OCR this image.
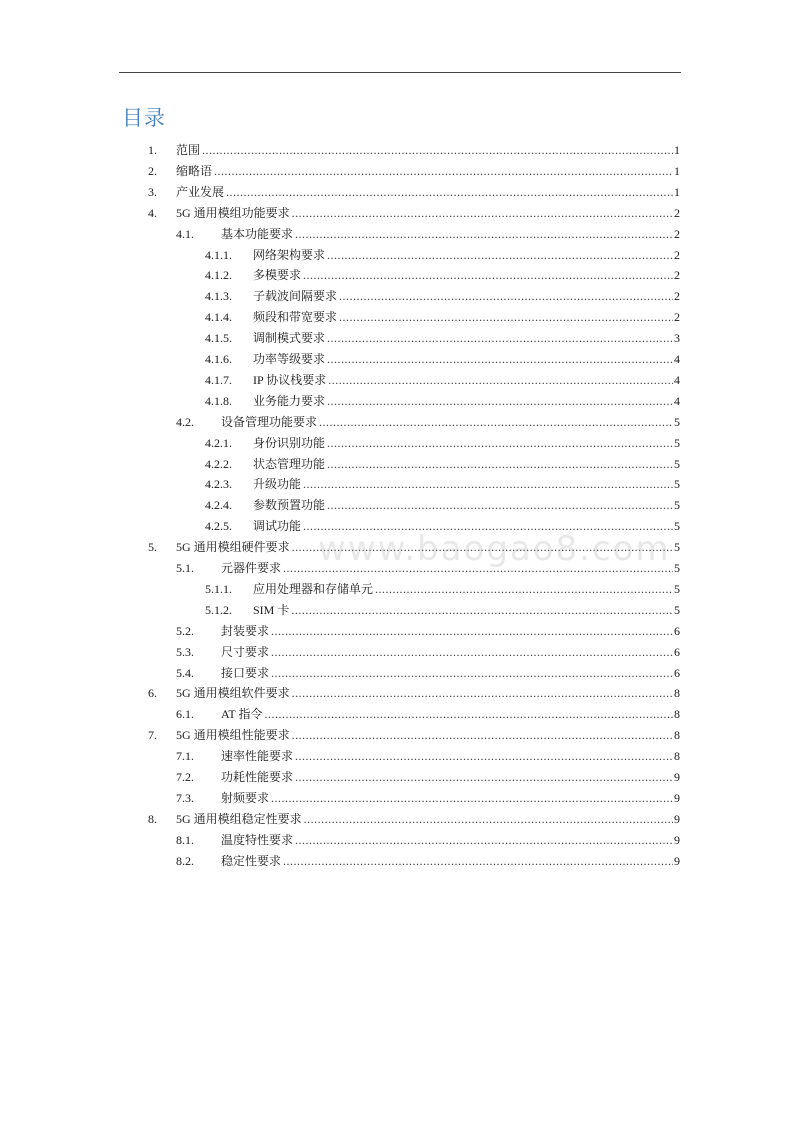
目录
1. 范围 .....	1
2. 缩略语 .....	1
3. 产业发展 .....	1
4. 5G 通用模组功能要求 .....	2
4.1. 基本功能要求 .....	2
4.1.1. 网络架构要求 .....	2
4.1.2. 多模要求 .....	2
4.1.3. 子载波间隔要求 .....	2
4.1.4. 频段和带宽要求 .....	2
4.1.5. 调制模式要求 .....	3
4.1.6. 功率等级要求 .....	4
4.1.7. IP 协议栈要求 .....	4
4.1.8. 业务能力要求 .....	4
4.2. 设备管理功能要求 .....	5
4.2.1. 身份识别功能 .....	5
4.2.2. 状态管理功能 .....	5
4.2.3. 升级功能 .....	5
4.2.4. 参数预置功能 .....	5
4.2.5. 调试功能 .....	5
5. 5G 通用模组硬件要求 .....	5
5.1. 元器件要求 .....	5
5.1.1. 应用处理器和存储单元 .....	5
5.1.2. SIM 卡 .....	5
5.2. 封装要求 .....	6
5.3. 尺寸要求 .....	6
5.4. 接口要求 .....	6
6. 5G 通用模组软件要求 .....	8
6.1. AT 指令 .....	8
7. 5G 通用模组性能要求 .....	8
7.1. 速率性能要求 .....	8
7.2. 功耗性能要求 .....	9
7.3. 射频要求 .....	9
8. 5G 通用模组稳定性要求 .....	9
8.1. 温度特性要求 .....	9
8.2. 稳定性要求 .....	9
www.baogao8.com
